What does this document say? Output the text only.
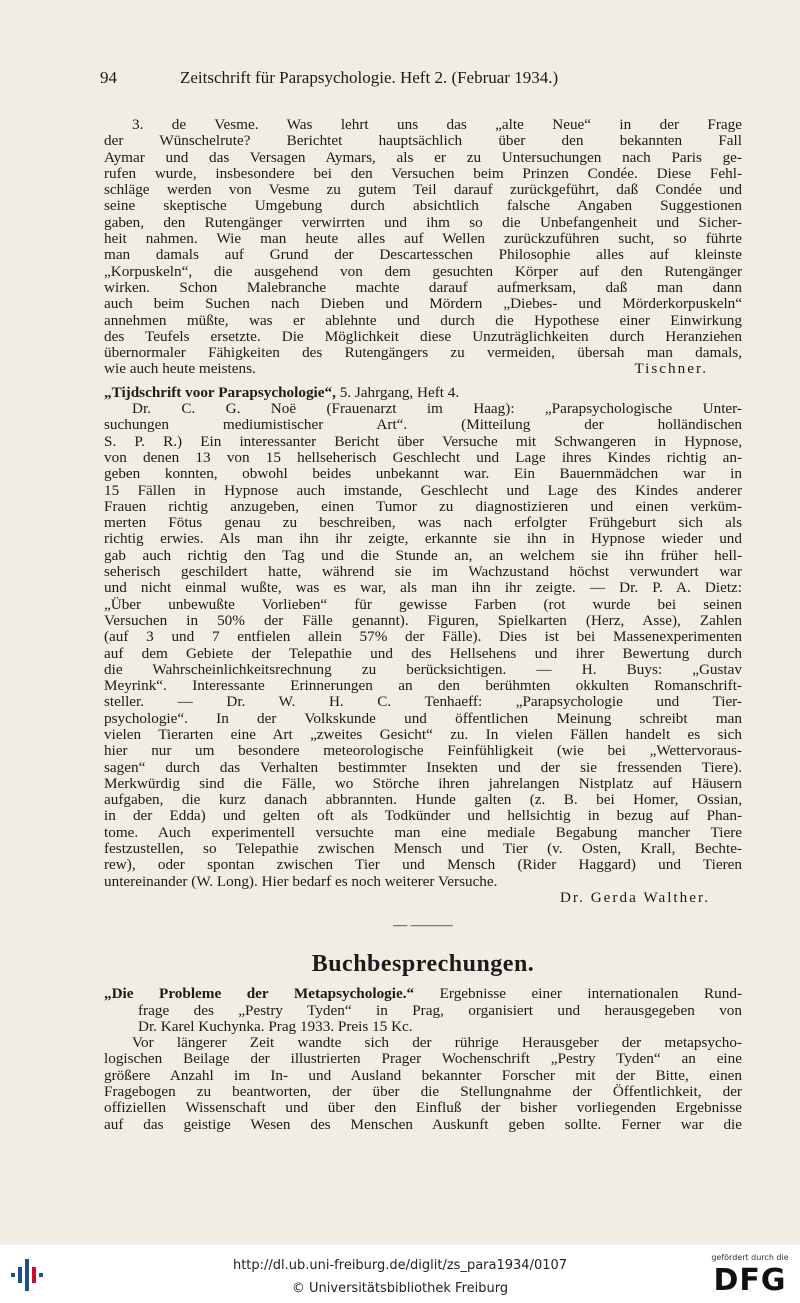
94	Zeitschrift für Parapsychologie. Heft 2. (Februar 1934.)
3. de Vesme. Was lehrt uns das „alte Neue“ in der Frage
der Wünschelrute? Berichtet hauptsächlich über den bekannten Fall
Aymar und das Versagen Aymars, als er zu Untersuchungen nach Paris ge-
rufen wurde, insbesondere bei den Versuchen beim Prinzen Condée. Diese Fehl-
schläge werden von Vesme zu gutem Teil darauf zurückgeführt, daß Condée und
seine skeptische Umgebung durch absichtlich falsche Angaben Suggestionen
gaben, den Rutengänger verwirrten und ihm so die Unbefangenheit und Sicher-
heit nahmen. Wie man heute alles auf Wellen zurückzuführen sucht, so führte
man damals auf Grund der Descartesschen Philosophie alles auf kleinste
„Korpuskeln“, die ausgehend von dem gesuchten Körper auf den Rutengänger
wirken. Schon Malebranche machte darauf aufmerksam, daß man dann
auch beim Suchen nach Dieben und Mördern „Diebes- und Mörderkorpuskeln“
annehmen müßte, was er ablehnte und durch die Hypothese einer Einwirkung
des Teufels ersetzte. Die Möglichkeit diese Unzuträglichkeiten durch Heranziehen
übernormaler Fähigkeiten des Rutengängers zu vermeiden, übersah man damals,
wie auch heute meistens.	Tischner.
„Tijdschrift voor Parapsychologie“, 5. Jahrgang, Heft 4.
Dr. C. G. Noë (Frauenarzt im Haag): „Parapsychologische Unter-
suchungen mediumistischer Art“. (Mitteilung der holländischen
S. P. R.) Ein interessanter Bericht über Versuche mit Schwangeren in Hypnose,
von denen 13 von 15 hellseherisch Geschlecht und Lage ihres Kindes richtig an-
geben konnten, obwohl beides unbekannt war. Ein Bauernmädchen war in
15 Fällen in Hypnose auch imstande, Geschlecht und Lage des Kindes anderer
Frauen richtig anzugeben, einen Tumor zu diagnostizieren und einen verküm-
merten Fötus genau zu beschreiben, was nach erfolgter Frühgeburt sich als
richtig erwies. Als man ihn ihr zeigte, erkannte sie ihn in Hypnose wieder und
gab auch richtig den Tag und die Stunde an, an welchem sie ihn früher hell-
seherisch geschildert hatte, während sie im Wachzustand höchst verwundert war
und nicht einmal wußte, was es war, als man ihn ihr zeigte. — Dr. P. A. Dietz:
„Über unbewußte Vorlieben“ für gewisse Farben (rot wurde bei seinen
Versuchen in 50% der Fälle genannt). Figuren, Spielkarten (Herz, Asse), Zahlen
(auf 3 und 7 entfielen allein 57% der Fälle). Dies ist bei Massenexperimenten
auf dem Gebiete der Telepathie und des Hellsehens und ihrer Bewertung durch
die Wahrscheinlichkeitsrechnung zu berücksichtigen. — H. Buys: „Gustav
Meyrink“. Interessante Erinnerungen an den berühmten okkulten Romanschrift-
steller. — Dr. W. H. C. Tenhaeff: „Parapsychologie und Tier-
psychologie“. In der Volkskunde und öffentlichen Meinung schreibt man
vielen Tierarten eine Art „zweites Gesicht“ zu. In vielen Fällen handelt es sich
hier nur um besondere meteorologische Feinfühligkeit (wie bei „Wettervoraus-
sagen“ durch das Verhalten bestimmter Insekten und der sie fressenden Tiere).
Merkwürdig sind die Fälle, wo Störche ihren jahrelangen Nistplatz auf Häusern
aufgaben, die kurz danach abbrannten. Hunde galten (z. B. bei Homer, Ossian,
in der Edda) und gelten oft als Todkünder und hellsichtig in bezug auf Phan-
tome. Auch experimentell versuchte man eine mediale Begabung mancher Tiere
festzustellen, so Telepathie zwischen Mensch und Tier (v. Osten, Krall, Bechte-
rew), oder spontan zwischen Tier und Mensch (Rider Haggard) und Tieren
untereinander (W. Long). Hier bedarf es noch weiterer Versuche.
Dr. Gerda Walther.
— ———
Buchbesprechungen.
„Die Probleme der Metapsychologie.“ Ergebnisse einer internationalen Rund-
frage des „Pestry Tyden“ in Prag, organisiert und herausgegeben von
Dr. Karel Kuchynka. Prag 1933. Preis 15 Kc.
Vor längerer Zeit wandte sich der rührige Herausgeber der metapsycho-
logischen Beilage der illustrierten Prager Wochenschrift „Pestry Tyden“ an eine
größere Anzahl im In- und Ausland bekannter Forscher mit der Bitte, einen
Fragebogen zu beantworten, der über die Stellungnahme der Öffentlichkeit, der
offiziellen Wissenschaft und über den Einfluß der bisher vorliegenden Ergebnisse
auf das geistige Wesen des Menschen Auskunft geben sollte. Ferner war die
http://dl.ub.uni-freiburg.de/diglit/zs_para1934/0107
© Universitätsbibliothek Freiburg
gefördert durch die
DFG
